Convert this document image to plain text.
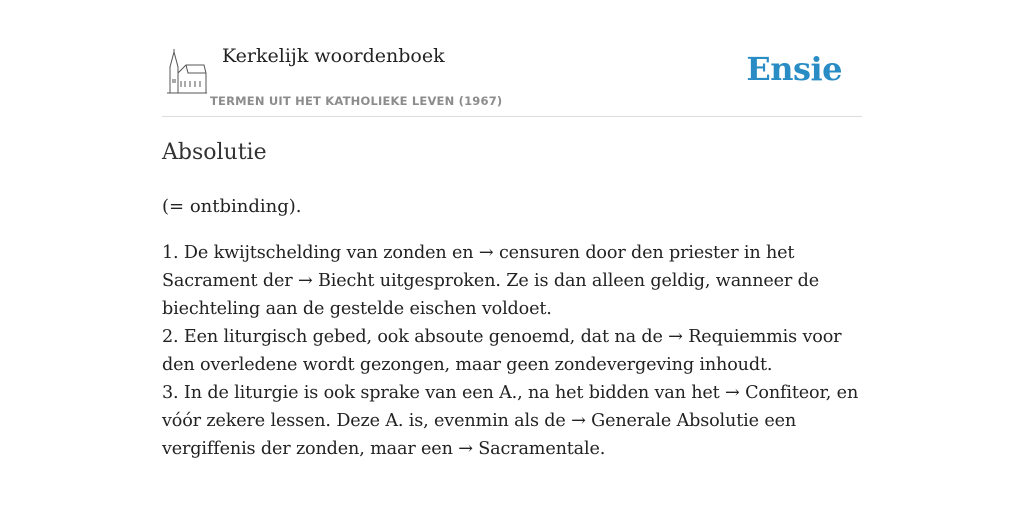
Kerkelijk woordenboek
TERMEN UIT HET KATHOLIEKE LEVEN (1967)
Ensie
Absolutie
(= ontbinding).

1. De kwijtschelding van zonden en → censuren door den priester in het Sacrament der → Biecht uitgesproken. Ze is dan alleen geldig, wanneer de biechteling aan de gestelde eischen voldoet.

2. Een liturgisch gebed, ook absoute genoemd, dat na de → Requiemmis voor den overledene wordt gezongen, maar geen zondevergeving inhoudt.

3. In de liturgie is ook sprake van een A., na het bidden van het → Confiteor, en vóór zekere lessen. Deze A. is, evenmin als de → Generale Absolutie een vergiffenis der zonden, maar een → Sacramentale.
